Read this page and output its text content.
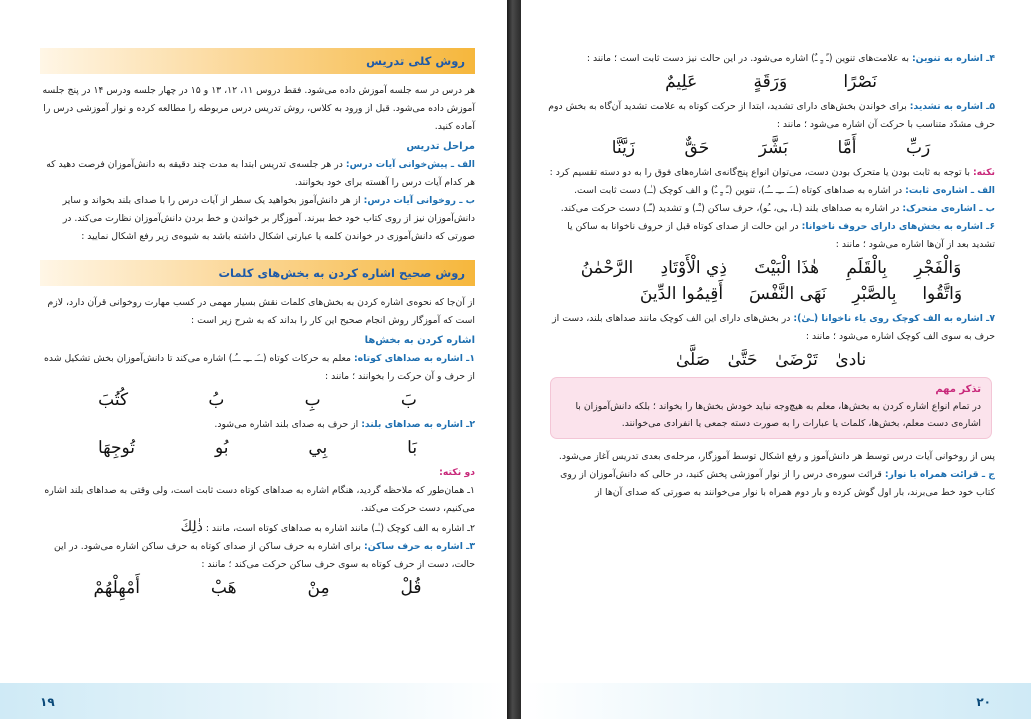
روش کلی تدریس

هر درس در سه جلسه آموزش داده می‌شود. فقط دروس ۱۱، ۱۲، ۱۳ و ۱۵ در چهار جلسه ودرس ۱۴ در پنج جلسه آموزش داده می‌شود. قبل از ورود به کلاس، روش تدریس درس مربوطه را مطالعه کرده و نوار آموزشی درس را آماده کنید.

مراحل تدریس

الف ـ پیش‌خوانی آیات درس: در هر جلسه‌ی تدریس ابتدا به مدت چند دقیقه به دانش‌آموزان فرصت دهید که هر کدام آیات درس را آهسته برای خود بخوانند.

ب ـ روخوانی آیات درس: از هر دانش‌آموز بخواهید یک سطر از آیات درس را با صدای بلند بخواند و سایر دانش‌آموزان نیز از روی کتاب خود خط ببرند. آموزگار بر خواندن و خط بردن دانش‌آموزان نظارت می‌کند. در صورتی که دانش‌آموزی در خواندن کلمه یا عبارتی اشکال داشته باشد به شیوه‌ی زیر رفع اشکال نمایید :

روش صحیح اشاره کردن به بخش‌های کلمات

از آن‌جا که نحوه‌ی اشاره کردن به بخش‌های کلمات نقش بسیار مهمی در کسب مهارت روخوانی قرآن دارد، لازم است که آموزگار روش انجام صحیح این کار را بداند که به شرح زیر است :

اشاره کردن به بخش‌ها

۱ـ اشاره به صداهای کوتاه: معلم به حرکات کوتاه (ــَـ ــِـ ــُـ) اشاره می‌کند تا دانش‌آموزان بخش تشکیل شده از حرف و آن حرکت را بخوانند ؛ مانند :

بَ
بِ
بُ
كُتُبَ

۲ـ اشاره به صداهای بلند: از حرف به صدای بلند اشاره می‌شود.

بَا
بِي
بُو
تُوجِهَا

دو نکته:

۱ـ همان‌طور که ملاحظه گردید، هنگام اشاره به صداهای کوتاه دست ثابت است، ولی وقتی به صداهای بلند اشاره می‌کنیم، دست حرکت می‌کند.

۲ـ اشاره به الف کوچک (ـٰـ) مانند اشاره به صداهای کوتاه است، مانند : ذٰلِكَ

۳ـ اشاره به حرف ساکن: برای اشاره به حرف ساکن از صدای کوتاه به حرف ساکن اشاره می‌شود. در این حالت، دست از حرف کوتاه به سوی حرف ساکن حرکت می‌کند ؛ مانند :

قُلْ
مِنْ
هَبْ
أَمْهِلْهُمْ
۱۹

۴ـ اشاره به تنوین: به علامت‌های تنوین (ـً ـٍ ـٌ) اشاره می‌شود. در این حالت نیز دست ثابت است ؛ مانند :

نَصْرًا
وَرَقَةٍ
عَلِيمٌ

۵ـ اشاره به تشدید: برای خواندن بخش‌های دارای تشدید، ابتدا از حرکت کوتاه به علامت تشدید آن‌گاه به بخش دوم حرف مشدّد متناسب با حرکت آن اشاره می‌شود ؛ مانند :

رَبِّ
أَمَّا
بَشَّرَ
حَقٌّ
زَيَّنَّا

نکته: با توجه به ثابت بودن یا متحرک بودن دست، می‌توان انواع پنج‌گانه‌ی اشاره‌های فوق را به دو دسته تقسیم کرد :

الف ـ اشاره‌ی ثابت: در اشاره به صداهای کوتاه (ــَـ ــِـ ــُـ)، تنوین (ـً ـٍ ـٌ) و الف کوچک (ـٰـ) دست ثابت است.

ب ـ اشاره‌ی متحرک: در اشاره به صداهای بلند (ـا، ـِی، ـُو)، حرف ساکن (ـْـ) و تشدید (ـّـ) دست حرکت می‌کند.

۶ـ اشاره به بخش‌های دارای حروف ناخوانا: در این حالت از صدای کوتاه قبل از حروف ناخوانا به ساکن یا تشدید بعد از آن‌ها اشاره می‌شود ؛ مانند :

وَالْفَجْرِ
بِالْقَلَمِ
هٰذَا الْبَيْتَ
ذِي الْأَوْتَادِ
الرَّحْمٰنُ
وَاتَّقُوا
بِالصَّبْرِ
نَهَى النَّفْسَ
أَقِيمُوا الدِّينَ

۷ـ اشاره به الف کوچک روی یاء ناخوانا (ـىٰ): در بخش‌های دارای این الف کوچک مانند صداهای بلند، دست از حرف به سوی الف کوچک اشاره می‌شود ؛ مانند :

نادىٰ
تَرْضَىٰ
حَتَّىٰ
صَلَّىٰ
تذکر مهم

در تمام انواع اشاره کردن به بخش‌ها، معلم به هیچ‌وجه نباید خودش بخش‌ها را بخواند ؛ بلکه دانش‌آموزان با اشاره‌ی دست معلم، بخش‌ها، کلمات یا عبارات را به صورت دسته جمعی یا انفرادی می‌خوانند.

پس از روخوانی آیات درس توسط هر دانش‌آموز و رفع اشکال توسط آموزگار، مرحله‌ی بعدی تدریس آغاز می‌شود.

ج ـ قرائت همراه با نوار: قرائت سوره‌ی درس را از نوار آموزشی پخش کنید، در حالی که دانش‌آموزان از روی کتاب خود خط می‌برند، بار اول گوش کرده و بار دوم همراه با نوار می‌خوانند به صورتی که صدای آن‌ها از

۲۰
